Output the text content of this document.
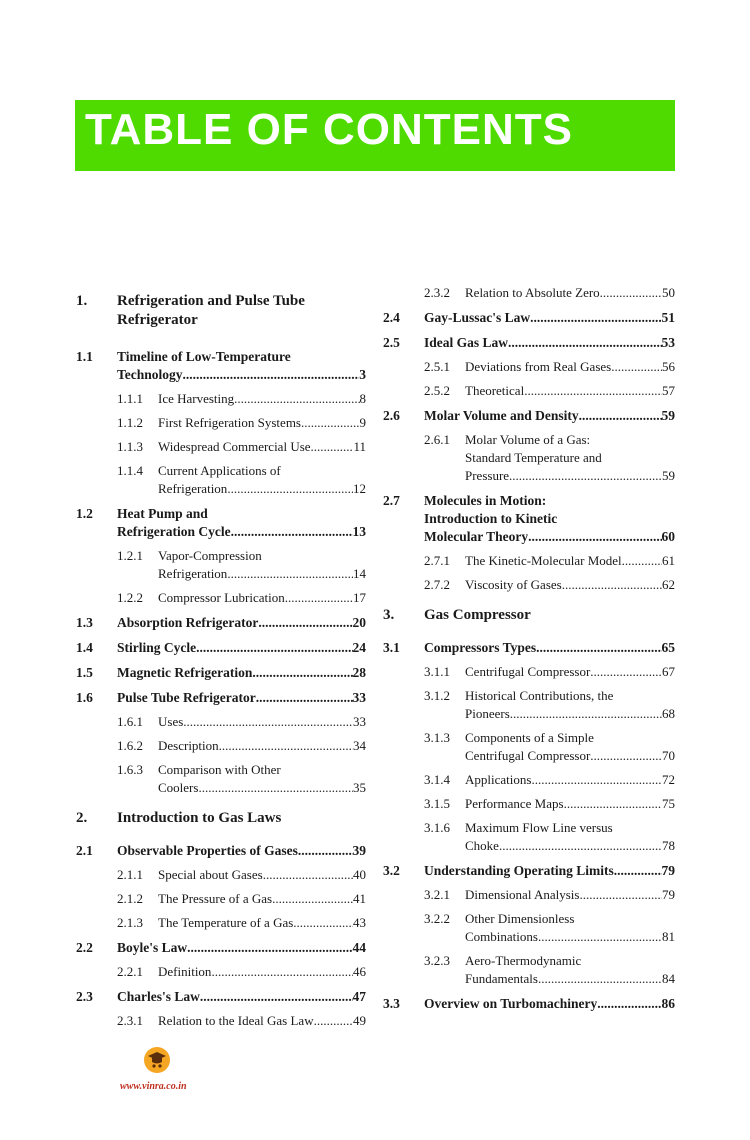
TABLE OF CONTENTS
1.	Refrigeration and Pulse Tube
Refrigerator
1.1	Timeline of Low-Temperature
Technology .....	3
1.1.1	Ice Harvesting .....	8
1.1.2	First Refrigeration Systems .....	9
1.1.3	Widespread Commercial Use .....	11
1.1.4	Current Applications of
Refrigeration .....	12
1.2	Heat Pump and
Refrigeration Cycle .....	13
1.2.1	Vapor-Compression
Refrigeration .....	14
1.2.2	Compressor Lubrication .....	17
1.3	Absorption Refrigerator .....	20
1.4	Stirling Cycle .....	24
1.5	Magnetic Refrigeration .....	28
1.6	Pulse Tube Refrigerator .....	33
1.6.1	Uses .....	33
1.6.2	Description .....	34
1.6.3	Comparison with Other
Coolers .....	35
2.	Introduction to Gas Laws
2.1	Observable Properties of Gases .....	39
2.1.1	Special about Gases .....	40
2.1.2	The Pressure of a Gas .....	41
2.1.3	The Temperature of a Gas .....	43
2.2	Boyle's Law .....	44
2.2.1	Definition .....	46
2.3	Charles's Law .....	47
2.3.1	Relation to the Ideal Gas Law .....	49
2.3.2	Relation to Absolute Zero .....	50
2.4	Gay-Lussac's Law .....	51
2.5	Ideal Gas Law .....	53
2.5.1	Deviations from Real Gases .....	56
2.5.2	Theoretical .....	57
2.6	Molar Volume and Density .....	59
2.6.1	Molar Volume of a Gas:
Standard Temperature and
Pressure .....	59
2.7	Molecules in Motion:
Introduction to Kinetic
Molecular Theory .....	60
2.7.1	The Kinetic-Molecular Model .....	61
2.7.2	Viscosity of Gases .....	62
3.	Gas Compressor
3.1	Compressors Types .....	65
3.1.1	Centrifugal Compressor .....	67
3.1.2	Historical Contributions, the
Pioneers .....	68
3.1.3	Components of a Simple
Centrifugal Compressor .....	70
3.1.4	Applications .....	72
3.1.5	Performance Maps .....	75
3.1.6	Maximum Flow Line versus
Choke .....	78
3.2	Understanding Operating Limits .....	79
3.2.1	Dimensional Analysis .....	79
3.2.2	Other Dimensionless
Combinations .....	81
3.2.3	Aero-Thermodynamic
Fundamentals .....	84
3.3	Overview on Turbomachinery .....	86
www.vinra.co.in
